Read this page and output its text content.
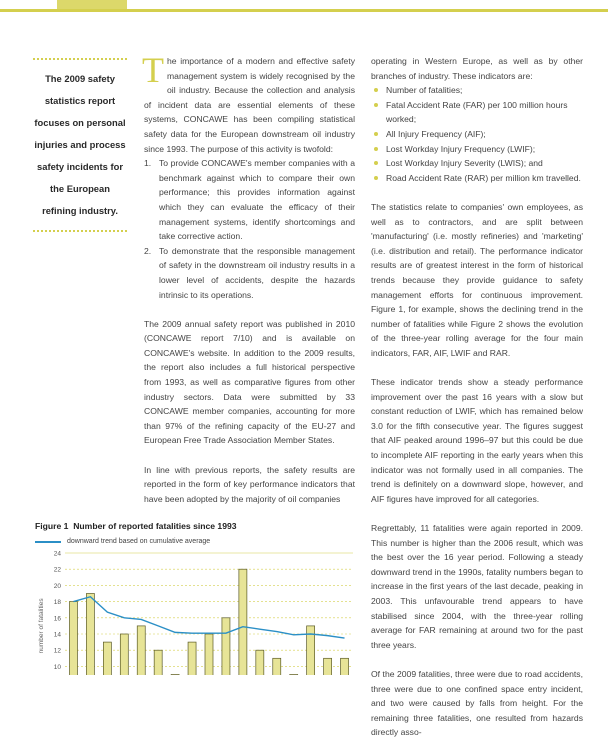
The 2009 safety statistics report focuses on personal injuries and process safety incidents for the European refining industry.

The importance of a modern and effective safety management system is widely recognised by the oil industry. Because the collection and analysis of incident data are essential elements of these systems, CONCAWE has been compiling statistical safety data for the European downstream oil industry since 1993. The purpose of this activity is twofold:

1. To provide CONCAWE's member companies with a benchmark against which to compare their own performance; this provides information against which they can evaluate the efficacy of their management systems, identify shortcomings and take corrective action.
2. To demonstrate that the responsible management of safety in the downstream oil industry results in a lower level of accidents, despite the hazards intrinsic to its operations.

The 2009 annual safety report was published in 2010 (CONCAWE report 7/10) and is available on CONCAWE's website. In addition to the 2009 results, the report also includes a full historical perspective from 1993, as well as comparative figures from other industry sectors. Data were submitted by 33 CONCAWE member companies, accounting for more than 97% of the refining capacity of the EU-27 and European Free Trade Association Member States.

In line with previous reports, the safety results are reported in the form of key performance indicators that have been adopted by the majority of oil companies

operating in Western Europe, as well as by other branches of industry. These indicators are:

Number of fatalities;
Fatal Accident Rate (FAR) per 100 million hours worked;
All Injury Frequency (AIF);
Lost Workday Injury Frequency (LWIF);
Lost Workday Injury Severity (LWIS); and
Road Accident Rate (RAR) per million km travelled.

The statistics relate to companies' own employees, as well as to contractors, and are split between 'manufacturing' (i.e. mostly refineries) and 'marketing' (i.e. distribution and retail). The performance indicator results are of greatest interest in the form of historical trends because they provide guidance to safety management efforts for continuous improvement. Figure 1, for example, shows the declining trend in the number of fatalities while Figure 2 shows the evolution of the three-year rolling average for the four main indicators, FAR, AIF, LWIF and RAR.

These indicator trends show a steady performance improvement over the past 16 years with a slow but constant reduction of LWIF, which has remained below 3.0 for the fifth consecutive year. The figures suggest that AIF peaked around 1996–97 but this could be due to incomplete AIF reporting in the early years when this indicator was not formally used in all companies. The trend is definitely on a downward slope, however, and AIF figures have improved for all categories.

Regrettably, 11 fatalities were again reported in 2009. This number is higher than the 2006 result, which was the best over the 16 year period. Following a steady downward trend in the 1990s, fatality numbers began to increase in the first years of the last decade, peaking in 2003. This unfavourable trend appears to have stabilised since 2004, with the three-year rolling average for FAR remaining at around two for the past three years.

Of the 2009 fatalities, three were due to road accidents, three were due to one confined space entry incident, and two were caused by falls from height. For the remaining three fatalities, one resulted from hazards directly asso-

Figure 1 Number of reported fatalities since 1993
downward trend based on cumulative average
10
12
14
16
18
20
22
24
number of fatalities
